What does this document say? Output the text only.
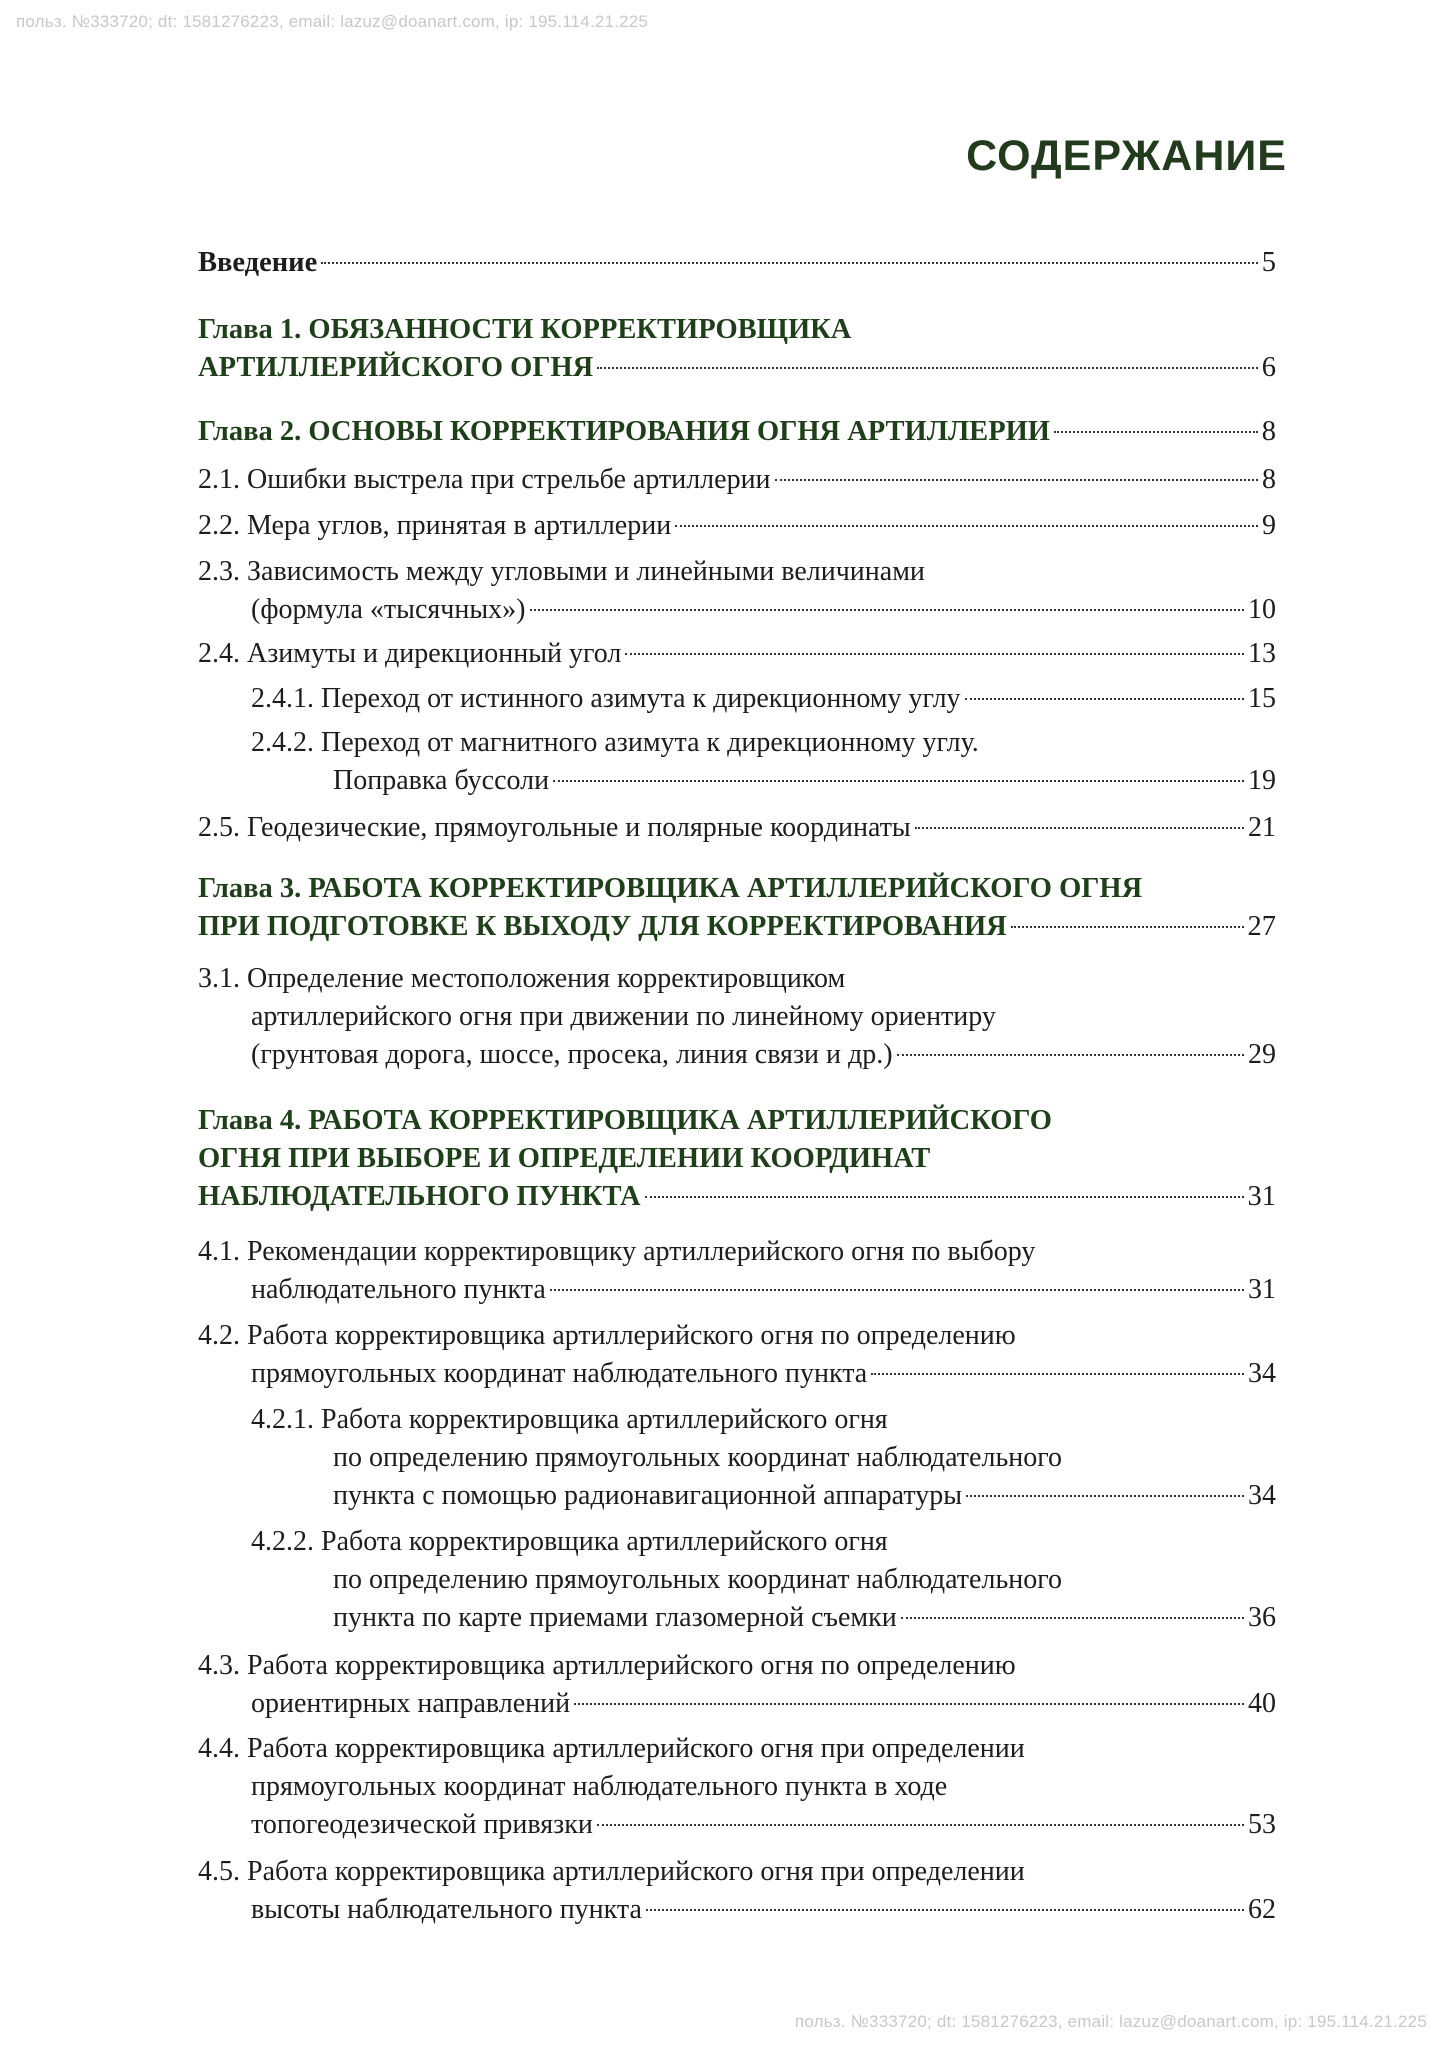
польз. №333720; dt: 1581276223, email: lazuz@doanart.com, ip: 195.114.21.225
СОДЕРЖАНИЕ
Введение	5
Глава 1. ОБЯЗАННОСТИ КОРРЕКТИРОВЩИКА
АРТИЛЛЕРИЙСКОГО ОГНЯ	6
Глава 2. ОСНОВЫ КОРРЕКТИРОВАНИЯ ОГНЯ АРТИЛЛЕРИИ	8
2.1. Ошибки выстрела при стрельбе артиллерии	8
2.2. Мера углов, принятая в артиллерии	9
2.3. Зависимость между угловыми и линейными величинами
(формула «тысячных»)	10
2.4. Азимуты и дирекционный угол	13
2.4.1. Переход от истинного азимута к дирекционному углу	15
2.4.2. Переход от магнитного азимута к дирекционному углу.
Поправка буссоли	19
2.5. Геодезические, прямоугольные и полярные координаты	21
Глава 3. РАБОТА КОРРЕКТИРОВЩИКА АРТИЛЛЕРИЙСКОГО ОГНЯ
ПРИ ПОДГОТОВКЕ К ВЫХОДУ ДЛЯ КОРРЕКТИРОВАНИЯ	27
3.1. Определение местоположения корректировщиком
артиллерийского огня при движении по линейному ориентиру
(грунтовая дорога, шоссе, просека, линия связи и др.)	29
Глава 4. РАБОТА КОРРЕКТИРОВЩИКА АРТИЛЛЕРИЙСКОГО
ОГНЯ ПРИ ВЫБОРЕ И ОПРЕДЕЛЕНИИ КООРДИНАТ
НАБЛЮДАТЕЛЬНОГО ПУНКТА	31
4.1. Рекомендации корректировщику артиллерийского огня по выбору
наблюдательного пункта	31
4.2. Работа корректировщика артиллерийского огня по определению
прямоугольных координат наблюдательного пункта	34
4.2.1. Работа корректировщика артиллерийского огня
по определению прямоугольных координат наблюдательного
пункта с помощью радионавигационной аппаратуры	34
4.2.2. Работа корректировщика артиллерийского огня
по определению прямоугольных координат наблюдательного
пункта по карте приемами глазомерной съемки	36
4.3. Работа корректировщика артиллерийского огня по определению
ориентирных направлений	40
4.4. Работа корректировщика артиллерийского огня при определении
прямоугольных координат наблюдательного пункта в ходе
топогеодезической привязки	53
4.5. Работа корректировщика артиллерийского огня при определении
высоты наблюдательного пункта	62
польз. №333720; dt: 1581276223, email: lazuz@doanart.com, ip: 195.114.21.225
